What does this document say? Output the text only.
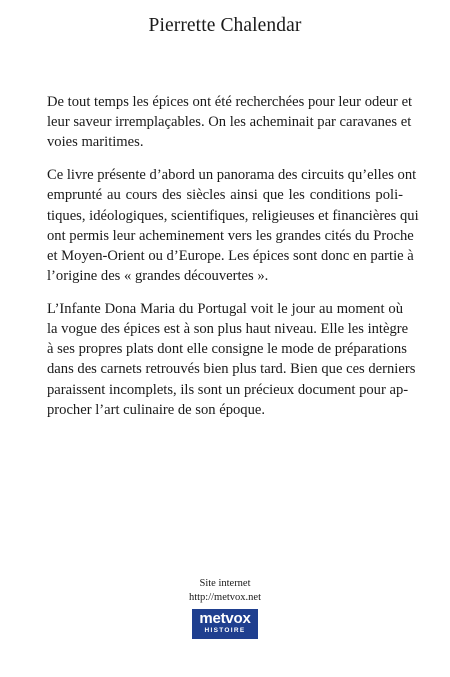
Pierrette Chalendar

De tout temps les épices ont été recherchées pour leur odeur et
leur saveur irremplaçables. On les acheminait par caravanes et
voies maritimes.

Ce livre présente d’abord un panorama des circuits qu’elles ont
emprunté au cours des siècles ainsi que les conditions poli-
tiques, idéologiques, scientifiques, religieuses et financières qui
ont permis leur acheminement vers les grandes cités du Proche
et Moyen-Orient ou d’Europe. Les épices sont donc en partie à
l’origine des « grandes découvertes ».

L’Infante Dona Maria du Portugal voit le jour au moment où
la vogue des épices est à son plus haut niveau. Elle les intègre
à ses propres plats dont elle consigne le mode de préparations
dans des carnets retrouvés bien plus tard. Bien que ces derniers
paraissent incomplets, ils sont un précieux document pour ap-
procher l’art culinaire de son époque.

Site internet
http://metvox.net
metvox
HISTOIRE
